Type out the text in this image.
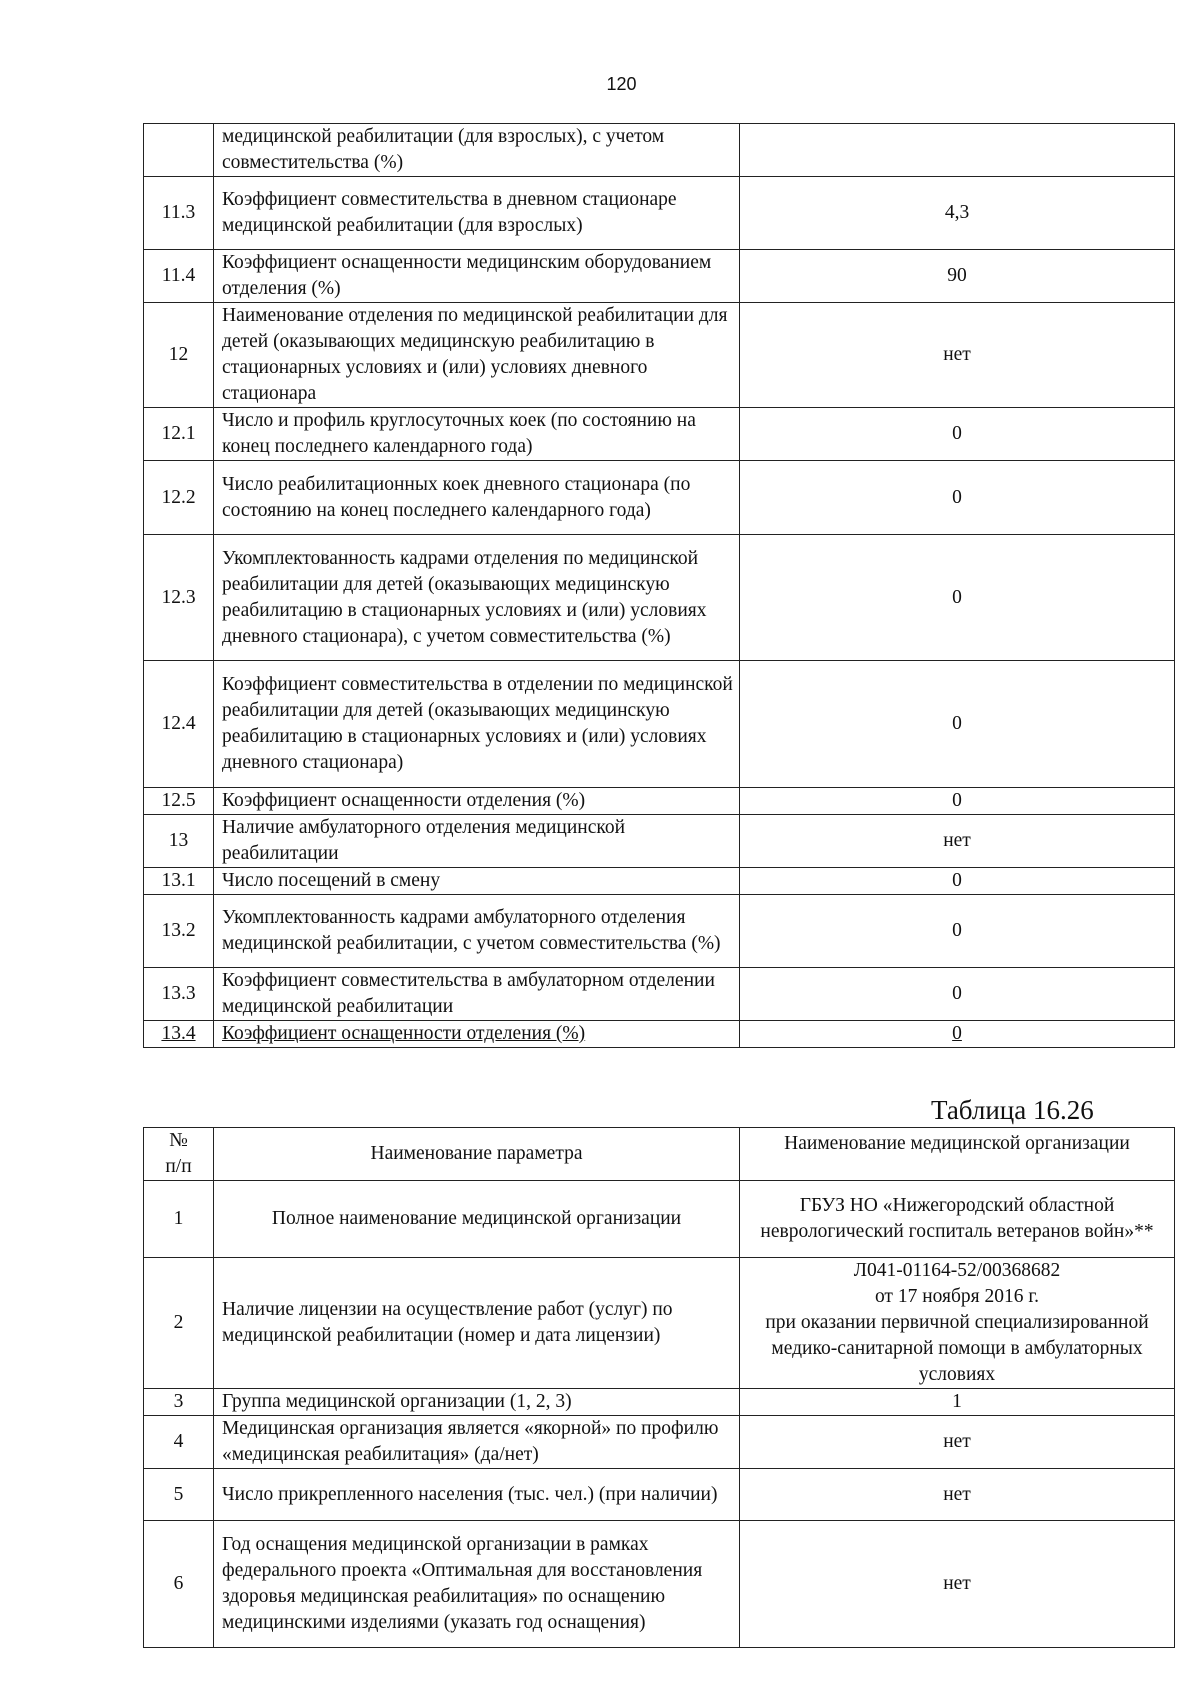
120
	медицинской реабилитации (для взрослых), с учетом совместительства (%)	
11.3	Коэффициент совместительства в дневном стационаре медицинской реабилитации (для взрослых)	4,3
11.4	Коэффициент оснащенности медицинским оборудованием отделения (%)	90
12	Наименование отделения по медицинской реабилитации для детей (оказывающих медицинскую реабилитацию в стационарных условиях и (или) условиях дневного стационара	нет
12.1	Число и профиль круглосуточных коек (по состоянию на конец последнего календарного года)	0
12.2	Число реабилитационных коек дневного стационара (по состоянию на конец последнего календарного года)	0
12.3	Укомплектованность кадрами отделения по медицинской реабилитации для детей (оказывающих медицинскую реабилитацию в стационарных условиях и (или) условиях дневного стационара), с учетом совместительства (%)	0
12.4	Коэффициент совместительства в отделении по медицинской реабилитации для детей (оказывающих медицинскую реабилитацию в стационарных условиях и (или) условиях дневного стационара)	0
12.5	Коэффициент оснащенности отделения (%)	0
13	Наличие амбулаторного отделения медицинской реабилитации	нет
13.1	Число посещений в смену	0
13.2	Укомплектованность кадрами амбулаторного отделения медицинской реабилитации, с учетом совместительства (%)	0
13.3	Коэффициент совместительства в амбулаторном отделении медицинской реабилитации	0
13.4	Коэффициент оснащенности отделения (%)	0
Таблица 16.26
№
п/п	Наименование параметра	Наименование медицинской организации
1	Полное наименование медицинской организации	ГБУЗ НО «Нижегородский областной неврологический госпиталь ветеранов войн»**
2	Наличие лицензии на осуществление работ (услуг) по медицинской реабилитации (номер и дата лицензии)	Л041-01164-52/00368682
от 17 ноября 2016 г.
при оказании первичной специализированной медико-санитарной помощи в амбулаторных условиях
3	Группа медицинской организации (1, 2, 3)	1
4	Медицинская организация является «якорной» по профилю «медицинская реабилитация» (да/нет)	нет
5	Число прикрепленного населения (тыс. чел.) (при наличии)	нет
6	Год оснащения медицинской организации в рамках федерального проекта «Оптимальная для восстановления здоровья медицинская реабилитация» по оснащению медицинскими изделиями (указать год оснащения)	нет
